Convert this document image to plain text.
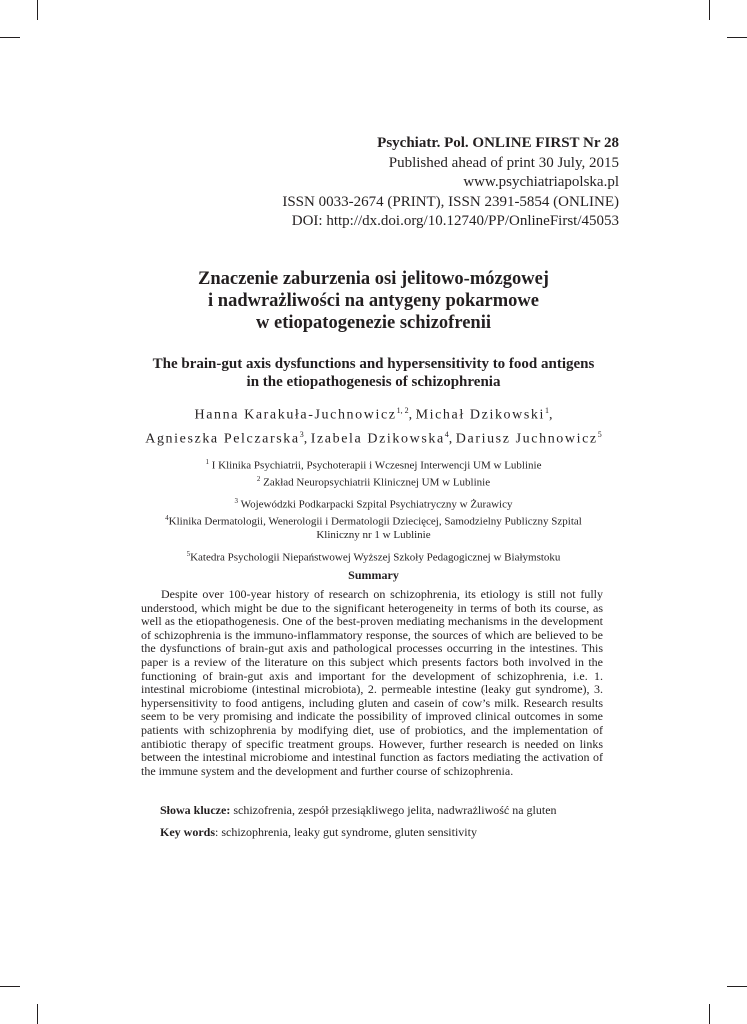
Psychiatr. Pol. ONLINE FIRST Nr 28
Published ahead of print 30 July, 2015
www.psychiatriapolska.pl
ISSN 0033-2674 (PRINT), ISSN 2391-5854 (ONLINE)
DOI: http://dx.doi.org/10.12740/PP/OnlineFirst/45053
Znaczenie zaburzenia osi jelitowo-mózgowej
i nadwrażliwości na antygeny pokarmowe
w etiopatogenezie schizofrenii
The brain-gut axis dysfunctions and hypersensitivity to food antigens
in the etiopathogenesis of schizophrenia
Hanna Karakuła-Juchnowicz$^{1, 2}$, Michał Dzikowski$^1$,
Agnieszka Pelczarska$^3$, Izabela Dzikowska$^4$, Dariusz Juchnowicz$^5$

$^1$ I Klinika Psychiatrii, Psychoterapii i Wczesnej Interwencji UM w Lublinie

$^2$ Zakład Neuropsychiatrii Klinicznej UM w Lublinie

$^3$ Wojewódzki Podkarpacki Szpital Psychiatryczny w Żurawicy

$^4$Klinika Dermatologii, Wenerologii i Dermatologii Dziecięcej, Samodzielny Publiczny Szpital
Kliniczny nr 1 w Lublinie

$^5$Katedra Psychologii Niepaństwowej Wyższej Szkoły Pedagogicznej w Białymstoku

Summary

Despite over 100-year history of research on schizophrenia, its etiology is still not fully understood, which might be due to the significant heterogeneity in terms of both its course, as well as the etiopathogenesis. One of the best-proven mediating mechanisms in the development of schizophrenia is the immuno-inflammatory response, the sources of which are believed to be the dysfunctions of brain-gut axis and pathological processes occurring in the intestines. This paper is a review of the literature on this subject which presents factors both involved in the functioning of brain-gut axis and important for the development of schizophrenia, i.e. 1. intestinal microbiome (intestinal microbiota), 2. permeable intestine (leaky gut syndrome), 3. hypersensitivity to food antigens, including gluten and casein of cow’s milk. Research results seem to be very promising and indicate the possibility of improved clinical outcomes in some patients with schizophrenia by modifying diet, use of probiotics, and the implementation of antibiotic therapy of specific treatment groups. However, further research is needed on links between the intestinal microbiome and intestinal function as factors mediating the activation of the immune system and the development and further course of schizophrenia.

Słowa klucze: schizofrenia, zespół przesiąkliwego jelita, nadwrażliwość na gluten
Key words: schizophrenia, leaky gut syndrome, gluten sensitivity
